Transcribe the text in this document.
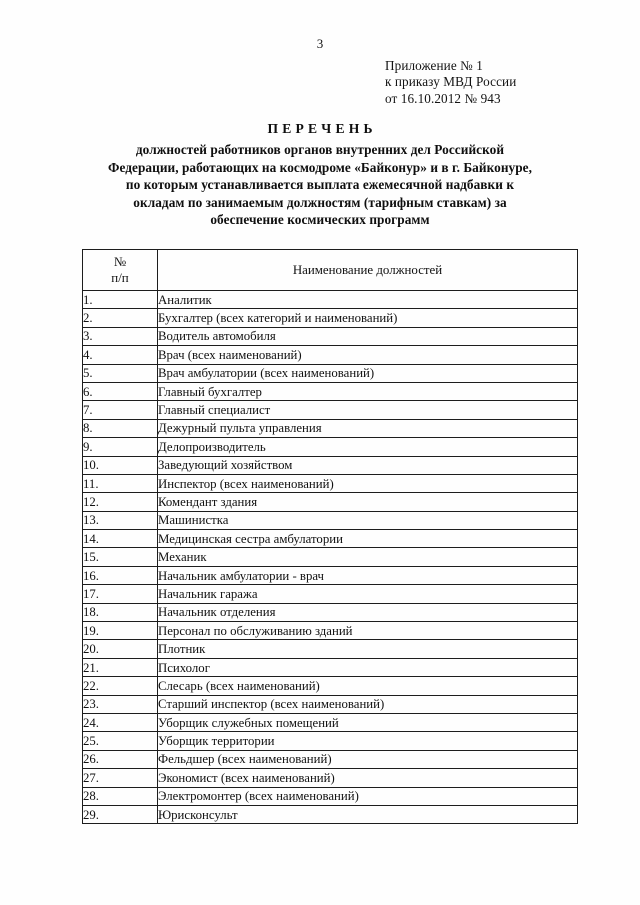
3
Приложение № 1
к приказу МВД России
от 16.10.2012 № 943
ПЕРЕЧЕНЬ
должностей работников органов внутренних дел Российской
Федерации, работающих на космодроме «Байконур» и в г. Байконуре,
по которым устанавливается выплата ежемесячной надбавки к
окладам по занимаемым должностям (тарифным ставкам) за
обеспечение космических программ
№
п/п	Наименование должностей
1.	Аналитик
2.	Бухгалтер (всех категорий и наименований)
3.	Водитель автомобиля
4.	Врач (всех наименований)
5.	Врач амбулатории (всех наименований)
6.	Главный бухгалтер
7.	Главный специалист
8.	Дежурный пульта управления
9.	Делопроизводитель
10.	Заведующий хозяйством
11.	Инспектор (всех наименований)
12.	Комендант здания
13.	Машинистка
14.	Медицинская сестра амбулатории
15.	Механик
16.	Начальник амбулатории - врач
17.	Начальник гаража
18.	Начальник отделения
19.	Персонал по обслуживанию зданий
20.	Плотник
21.	Психолог
22.	Слесарь (всех наименований)
23.	Старший инспектор (всех наименований)
24.	Уборщик служебных помещений
25.	Уборщик территории
26.	Фельдшер (всех наименований)
27.	Экономист (всех наименований)
28.	Электромонтер (всех наименований)
29.	Юрисконсульт
